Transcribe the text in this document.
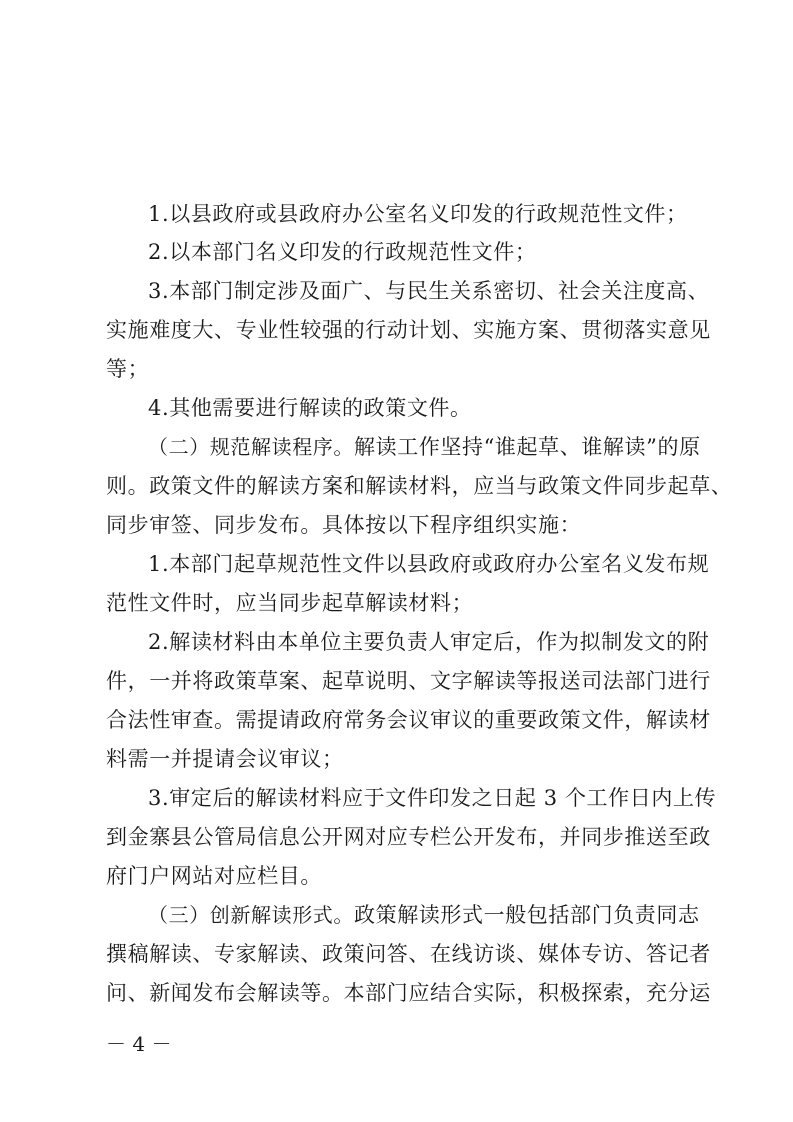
1.以县政府或县政府办公室名义印发的行政规范性文件；
2.以本部门名义印发的行政规范性文件；
3.本部门制定涉及面广、与民生关系密切、社会关注度高、
实施难度大、专业性较强的行动计划、实施方案、贯彻落实意见
等；
4.其他需要进行解读的政策文件。
（二）规范解读程序。解读工作坚持“谁起草、谁解读”的原
则。政策文件的解读方案和解读材料，应当与政策文件同步起草、
同步审签、同步发布。具体按以下程序组织实施：
1.本部门起草规范性文件以县政府或政府办公室名义发布规
范性文件时，应当同步起草解读材料；
2.解读材料由本单位主要负责人审定后，作为拟制发文的附
件，一并将政策草案、起草说明、文字解读等报送司法部门进行
合法性审查。需提请政府常务会议审议的重要政策文件，解读材
料需一并提请会议审议；
3.审定后的解读材料应于文件印发之日起 3 个工作日内上传
到金寨县公管局信息公开网对应专栏公开发布，并同步推送至政
府门户网站对应栏目。
（三）创新解读形式。政策解读形式一般包括部门负责同志
撰稿解读、专家解读、政策问答、在线访谈、媒体专访、答记者
问、新闻发布会解读等。本部门应结合实际，积极探索，充分运
－ 4 －
